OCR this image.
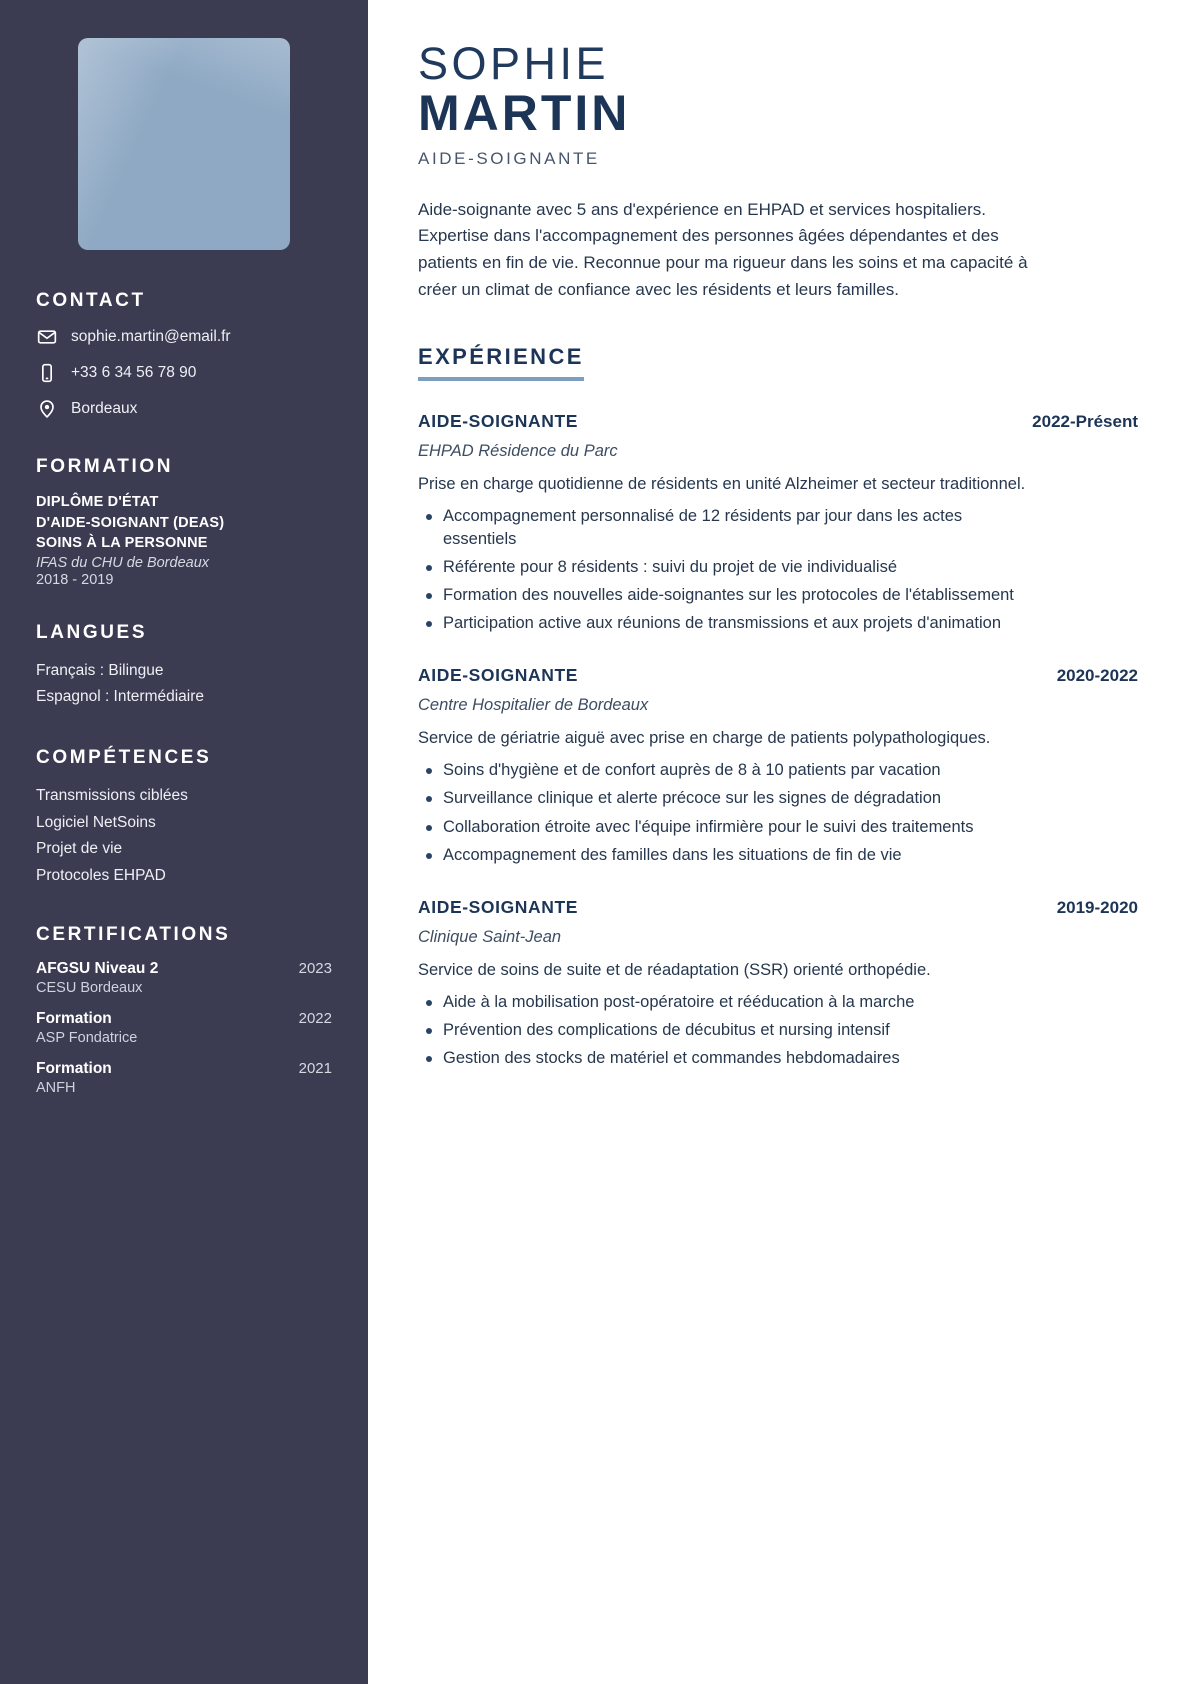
CONTACT
sophie.martin@email.fr
+33 6 34 56 78 90
Bordeaux
FORMATION
DIPLÔME D'ÉTAT
D'AIDE-SOIGNANT (DEAS)
SOINS À LA PERSONNE
IFAS du CHU de Bordeaux
2018 - 2019
LANGUES
Français : Bilingue
Espagnol : Intermédiaire
COMPÉTENCES
Transmissions ciblées
Logiciel NetSoins
Projet de vie
Protocoles EHPAD
CERTIFICATIONS
AFGSU Niveau 2	2023
CESU Bordeaux
Formation	2022
ASP Fondatrice
Formation	2021
ANFH
SOPHIE
MARTIN
AIDE-SOIGNANTE

Aide-soignante avec 5 ans d'expérience en EHPAD et services hospitaliers. Expertise dans l'accompagnement des personnes âgées dépendantes et des patients en fin de vie. Reconnue pour ma rigueur dans les soins et ma capacité à créer un climat de confiance avec les résidents et leurs familles.

EXPÉRIENCE
AIDE-SOIGNANTE	2022-Présent
EHPAD Résidence du Parc
Prise en charge quotidienne de résidents en unité Alzheimer et secteur traditionnel.
Accompagnement personnalisé de 12 résidents par jour dans les actes essentiels
Référente pour 8 résidents : suivi du projet de vie individualisé
Formation des nouvelles aide-soignantes sur les protocoles de l'établissement
Participation active aux réunions de transmissions et aux projets d'animation
AIDE-SOIGNANTE	2020-2022
Centre Hospitalier de Bordeaux
Service de gériatrie aiguë avec prise en charge de patients polypathologiques.
Soins d'hygiène et de confort auprès de 8 à 10 patients par vacation
Surveillance clinique et alerte précoce sur les signes de dégradation
Collaboration étroite avec l'équipe infirmière pour le suivi des traitements
Accompagnement des familles dans les situations de fin de vie
AIDE-SOIGNANTE	2019-2020
Clinique Saint-Jean
Service de soins de suite et de réadaptation (SSR) orienté orthopédie.
Aide à la mobilisation post-opératoire et rééducation à la marche
Prévention des complications de décubitus et nursing intensif
Gestion des stocks de matériel et commandes hebdomadaires
